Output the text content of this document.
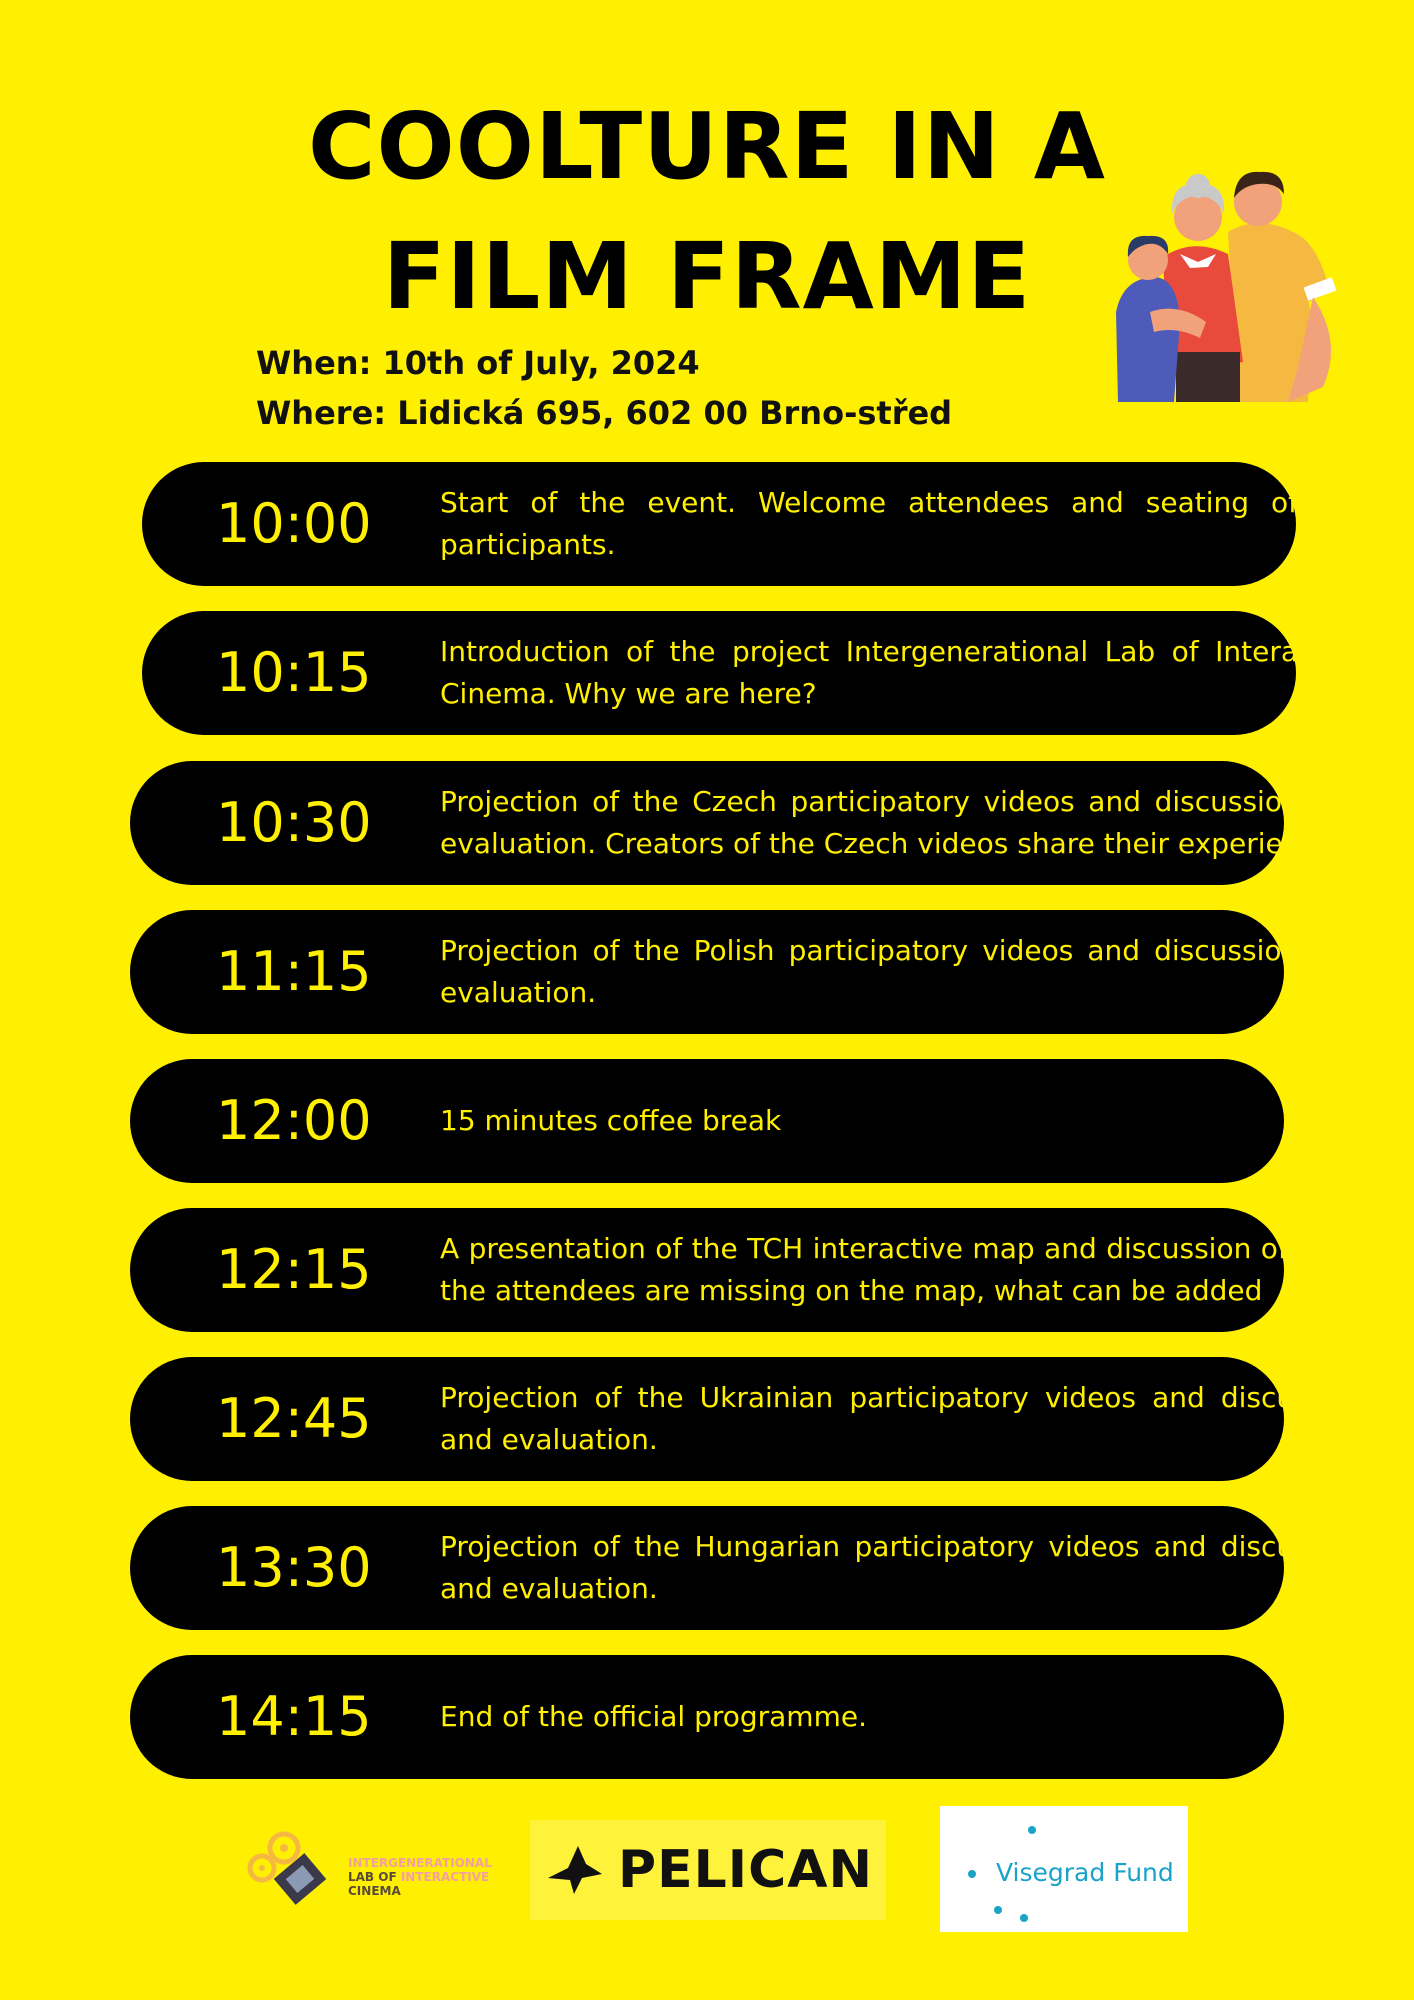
COOLTURE IN A
FILM FRAME
When: 10th of July, 2024
Where: Lidická 695, 602 00 Brno-střed
10:00 Start of the event. Welcome attendees and seating of the participants.
10:15 Introduction of the project Intergenerational Lab of Interactive Cinema. Why we are here?
10:30 Projection of the Czech participatory videos and discussion and evaluation. Creators of the Czech videos share their experience.
11:15 Projection of the Polish participatory videos and discussion and evaluation.
12:00 15 minutes coffee break
12:15 A presentation of the TCH interactive map and discussion of what the attendees are missing on the map, what can be added
12:45 Projection of the Ukrainian participatory videos and discussion and evaluation.
13:30 Projection of the Hungarian participatory videos and discussion and evaluation.
14:15 End of the official programme.
INTERGENERATIONAL
LAB OF INTERACTIVE
CINEMA	PELICAN	Visegrad Fund
